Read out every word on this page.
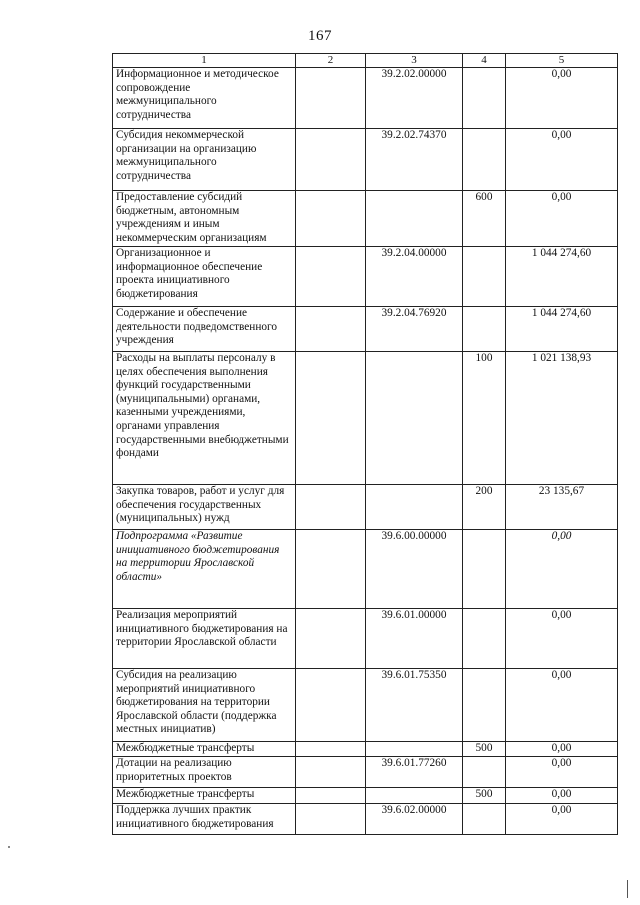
167
1	2	3	4	5
Информационное и методическое сопровождение межмуниципального сотрудничества		39.2.02.00000		0,00
Субсидия некоммерческой организации на организацию межмуниципального сотрудничества		39.2.02.74370		0,00
Предоставление субсидий бюджетным, автономным учреждениям и иным некоммерческим организациям			600	0,00
Организационное и информационное обеспечение проекта инициативного бюджетирования		39.2.04.00000		1 044 274,60
Содержание и обеспечение деятельности подведомственного учреждения		39.2.04.76920		1 044 274,60
Расходы на выплаты персоналу в целях обеспечения выполнения функций государственными (муниципальными) органами, казенными учреждениями, органами управления государственными внебюджетными фондами			100	1 021 138,93
Закупка товаров, работ и услуг для обеспечения государственных (муниципальных) нужд			200	23 135,67
Подпрограмма «Развитие инициативного бюджетирования на территории Ярославской области»		39.6.00.00000		0,00
Реализация мероприятий инициативного бюджетирования на территории Ярославской области		39.6.01.00000		0,00
Субсидия на реализацию мероприятий инициативного бюджетирования на территории Ярославской области (поддержка местных инициатив)		39.6.01.75350		0,00
Межбюджетные трансферты			500	0,00
Дотации на реализацию приоритетных проектов		39.6.01.77260		0,00
Межбюджетные трансферты			500	0,00
Поддержка лучших практик инициативного бюджетирования		39.6.02.00000		0,00
